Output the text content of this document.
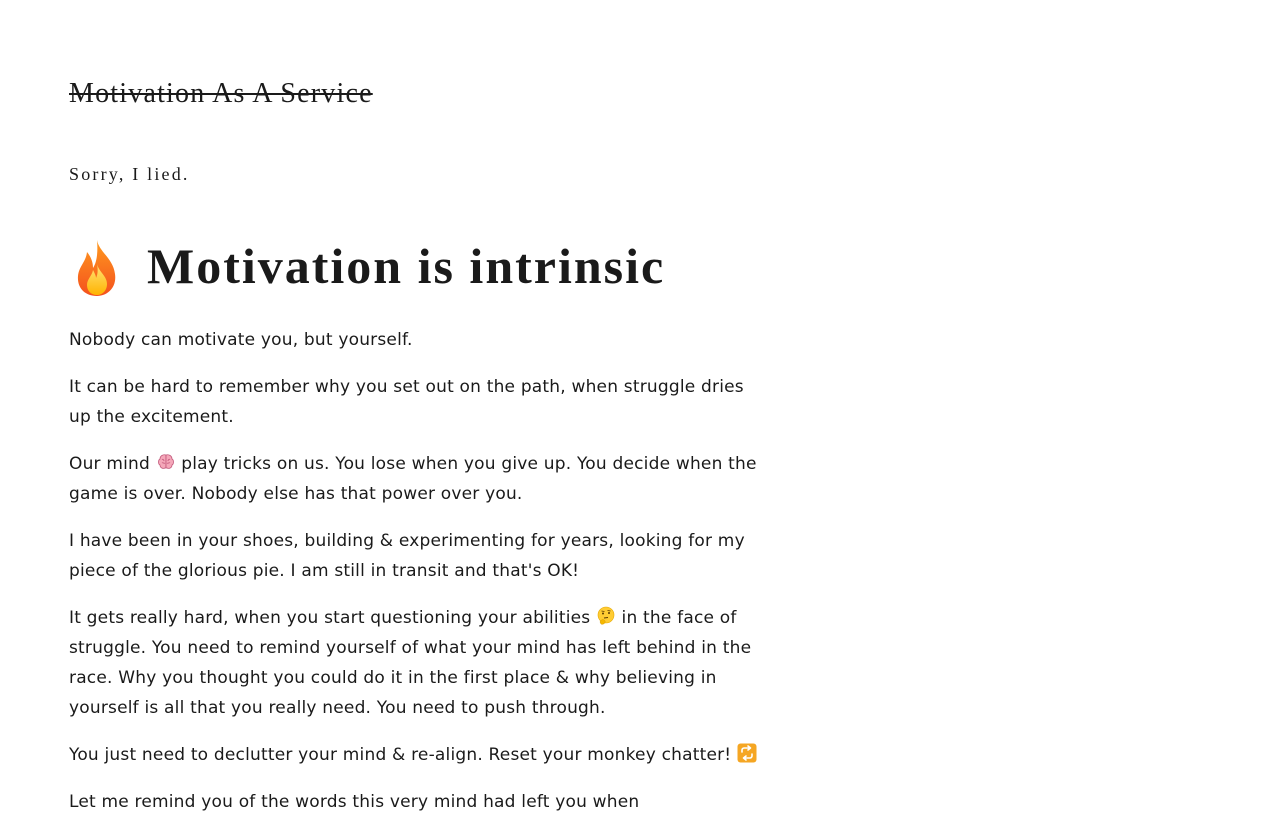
Motivation As A Service
Sorry, I lied.
Motivation is intrinsic

Nobody can motivate you, but yourself.

It can be hard to remember why you set out on the path, when struggle dries up the excitement.

Our mind  play tricks on us. You lose when you give up. You decide when the game is over. Nobody else has that power over you.

I have been in your shoes, building & experimenting for years, looking for my piece of the glorious pie. I am still in transit and that's OK!

It gets really hard, when you start questioning your abilities  in the face of struggle. You need to remind yourself of what your mind has left behind in the race. Why you thought you could do it in the first place & why believing in yourself is all that you really need. You need to push through.

You just need to declutter your mind & re-align. Reset your monkey chatter!

Let me remind you of the words this very mind had left you when
